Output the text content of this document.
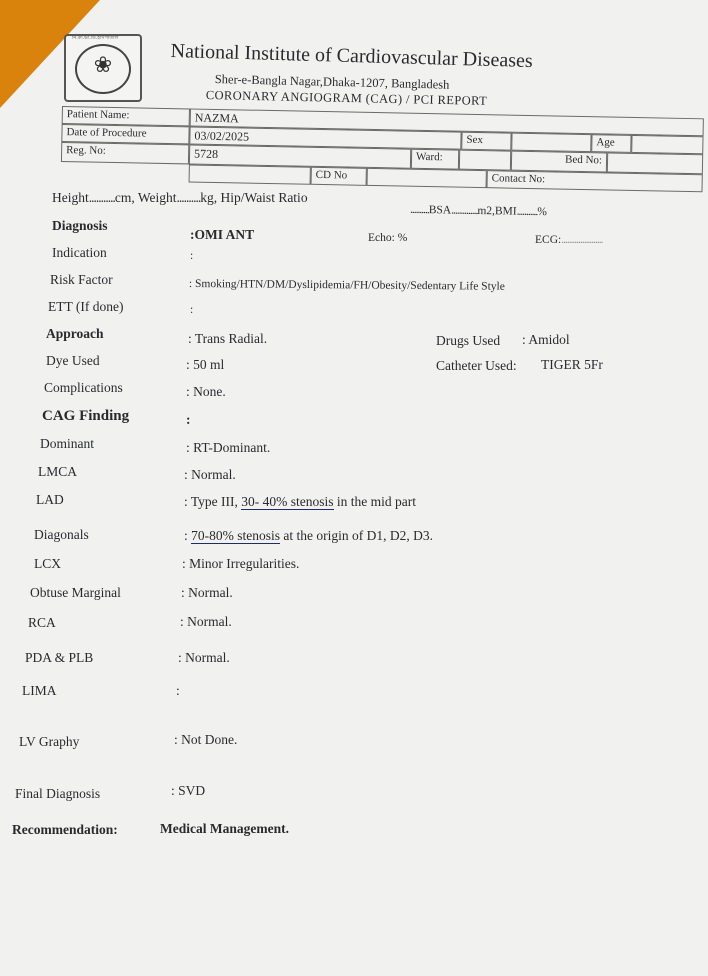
নি.কা.ভা.ডি.হাসপাতাল
❀	National Institute of Cardiovascular Diseases
Sher-e-Bangla Nagar,Dhaka-1207, Bangladesh
CORONARY ANGIOGRAM (CAG) / PCI REPORT
Patient Name:	NAZMA
Date of Procedure	03/02/2025	Sex	Age
Reg. No:	5728	Ward:	Bed No:
CD No	Contact No:
Height...........cm, Weight..........kg, Hip/Waist Ratio
..........BSA..............m2,BMI...........%
Diagnosis
:OMI ANT	Echo: %	ECG:......................
Indication	:
Risk Factor	: Smoking/HTN/DM/Dyslipidemia/FH/Obesity/Sedentary Life Style
ETT (If done)	:
Approach	: Trans Radial.	Drugs Used : Amidol
Dye Used	: 50 ml	Catheter Used: TIGER 5Fr
Complications	: None.
CAG Finding	:
Dominant	: RT-Dominant.
LMCA	: Normal.
LAD	: Type III, 30- 40% stenosis in the mid part
Diagonals	: 70-80% stenosis at the origin of D1, D2, D3.
LCX	: Minor Irregularities.
Obtuse Marginal	: Normal.
RCA	: Normal.
PDA & PLB	: Normal.
LIMA	:
LV Graphy	: Not Done.
Final Diagnosis	: SVD
Recommendation:	Medical Management.
